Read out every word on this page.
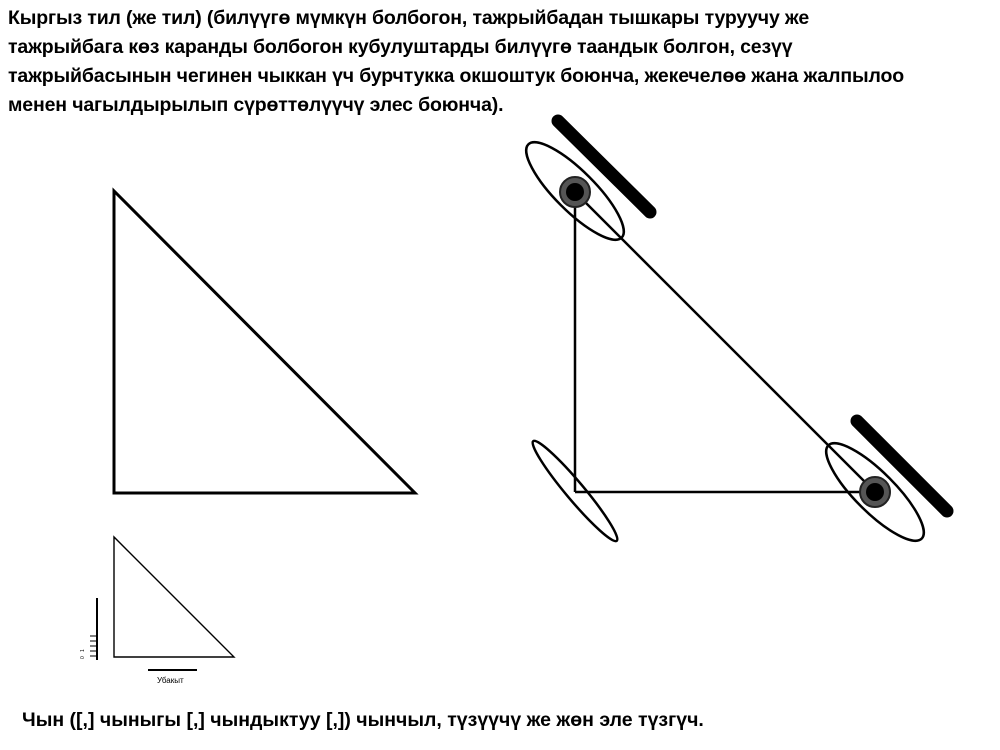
Кыргыз тил (же тил) (билүүгө мүмкүн болбогон, тажрыйбадан тышкары туруучу же
тажрыйбага көз каранды болбогон кубулуштарды билүүгө таандык болгон, сезүү
тажрыйбасынын чегинен чыккан үч бурчтукка окшоштук боюнча, жекечелөө жана жалпылоо
менен чагылдырылып сүрөттөлүүчү элес боюнча).
1
0
Убакыт
Чын ([,] чыныгы [,] чындыктуу [,]) чынчыл, түзүүчү же жөн эле түзгүч.
